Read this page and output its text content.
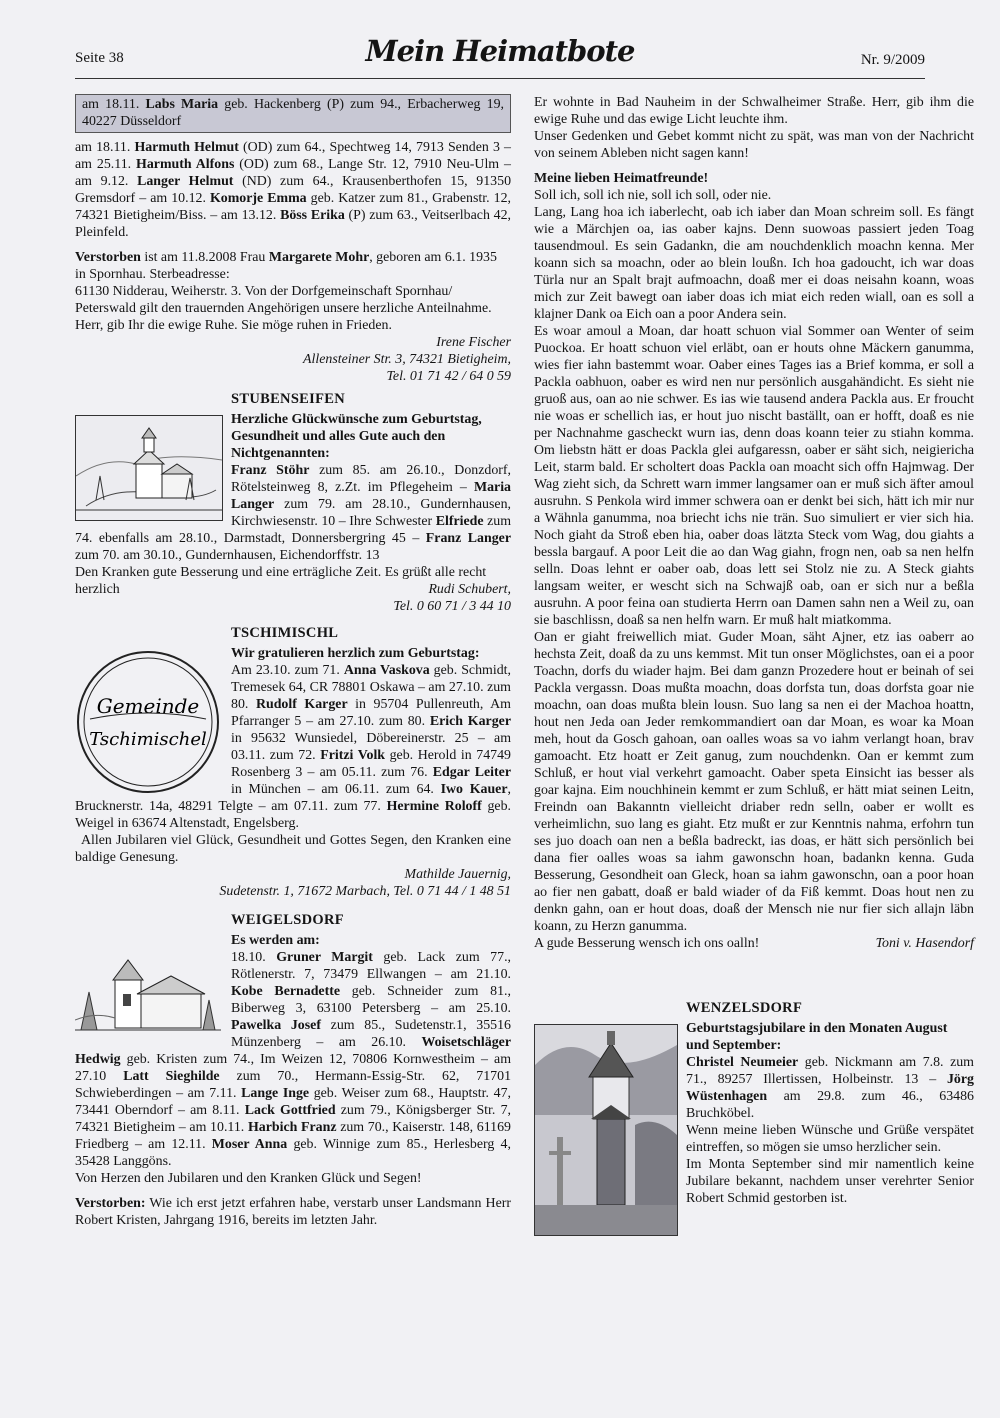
Seite 38	Mein Heimatbote	Nr. 9/2009
am 18.11. Labs Maria geb. Hackenberg (P) zum 94., Erbacherweg 19, 40227 Düsseldorf

am 18.11. Harmuth Helmut (OD) zum 64., Spechtweg 14, 7913 Senden 3 – am 25.11. Harmuth Alfons (OD) zum 68., Lange Str. 12, 7910 Neu-Ulm – am 9.12. Langer Helmut (ND) zum 64., Krausenberthofen 15, 91350 Gremsdorf – am 10.12. Komorje Emma geb. Katzer zum 81., Grabenstr. 12, 74321 Bietigheim/Biss. – am 13.12. Böss Erika (P) zum 63., Veitserlbach 42, Pleinfeld.

Verstorben ist am 11.8.2008 Frau Margarete Mohr, geboren am 6.1. 1935 in Spornhau. Sterbeadresse:

61130 Nidderau, Weiherstr. 3. Von der Dorfgemeinschaft Spornhau/ Peterswald gilt den trauernden Angehörigen unsere herzliche Anteilnahme.

Herr, gib Ihr die ewige Ruhe. Sie möge ruhen in Frieden.

Irene Fischer

Allensteiner Str. 3, 74321 Bietigheim,

Tel. 01 71 42 / 64 0 59

STUBENSEIFEN

Herzliche Glückwünsche zum Geburtstag, Gesundheit und alles Gute auch den Nichtgenannten:

Franz Stöhr zum 85. am 26.10., Donzdorf, Rötelsteinweg 8, z.Zt. im Pflegeheim – Maria Langer zum 79. am 28.10., Gundernhausen, Kirchwiesenstr. 10 – Ihre Schwester Elfriede zum 74. ebenfalls am 28.10., Darmstadt, Donnersbergring 45 – Franz Langer zum 70. am 30.10., Gundernhausen, Eichendorffstr. 13

Den Kranken gute Besserung und eine erträgliche Zeit. Es grüßt alle recht herzlich	Rudi Schubert,

Tel. 0 60 71 / 3 44 10

TSCHIMISCHL
Gemeinde
Tschimischel

Wir gratulieren herzlich zum Geburtstag:

Am 23.10. zum 71. Anna Vaskova geb. Schmidt, Tremesek 64, CR 78801 Oskawa – am 27.10. zum 80. Rudolf Karger in 95704 Pullenreuth, Am Pfarranger 5 – am 27.10. zum 80. Erich Karger in 95632 Wunsiedel, Döbereinerstr. 25 – am 03.11. zum 72. Fritzi Volk geb. Herold in 74749 Rosenberg 3 – am 05.11. zum 76. Edgar Leiter in München – am 06.11. zum 64. Iwo Kauer, Brucknerstr. 14a, 48291 Telgte – am 07.11. zum 77. Hermine Roloff geb. Weigel in 63674 Altenstadt, Engelsberg.

Allen Jubilaren viel Glück, Gesundheit und Gottes Segen, den Kranken eine baldige Genesung.

Mathilde Jauernig,

Sudetenstr. 1, 71672 Marbach, Tel. 0 71 44 / 1 48 51

WEIGELSDORF

Es werden am:

18.10. Gruner Margit geb. Lack zum 77., Rötlenerstr. 7, 73479 Ellwangen – am 21.10. Kobe Bernadette geb. Schneider zum 81., Biberweg 3, 63100 Petersberg – am 25.10. Pawelka Josef zum 85., Sudetenstr.1, 35516 Münzenberg – am 26.10. Woisetschläger Hedwig geb. Kristen zum 74., Im Weizen 12, 70806 Kornwestheim – am 27.10 Latt Sieghilde zum 70., Hermann-Essig-Str. 62, 71701 Schwieberdingen – am 7.11. Lange Inge geb. Weiser zum 68., Hauptstr. 47, 73441 Oberndorf – am 8.11. Lack Gottfried zum 79., Königsberger Str. 7, 74321 Bietigheim – am 10.11. Harbich Franz zum 70., Kaiserstr. 148, 61169 Friedberg – am 12.11. Moser Anna geb. Winnige zum 85., Herlesberg 4, 35428 Langgöns.

Von Herzen den Jubilaren und den Kranken Glück und Segen!

Verstorben: Wie ich erst jetzt erfahren habe, verstarb unser Landsmann Herr Robert Kristen, Jahrgang 1916, bereits im letzten Jahr.

Er wohnte in Bad Nauheim in der Schwalheimer Straße. Herr, gib ihm die ewige Ruhe und das ewige Licht leuchte ihm.

Unser Gedenken und Gebet kommt nicht zu spät, was man von der Nachricht von seinem Ableben nicht sagen kann!

Meine lieben Heimatfreunde!

Soll ich, soll ich nie, soll ich soll, oder nie.

Lang, Lang hoa ich iaberlecht, oab ich iaber dan Moan schreim soll. Es fängt wie a Märchjen oa, ias oaber kajns. Denn suowoas passiert jeden Toag tausendmoul. Es sein Gadankn, die am nouchdenklich moachn kenna. Mer koann sich sa moachn, oder ao blein loußn. Ich hoa gadoucht, ich war doas Türla nur an Spalt brajt aufmoachn, doaß mer ei doas neisahn koann, woas mich zur Zeit bawegt oan iaber doas ich miat eich reden wiall, oan es soll a klajner Dank oa Eich oan a poor Andera sein.

Es woar amoul a Moan, dar hoatt schuon vial Sommer oan Wenter of seim Puockoa. Er hoatt schuon viel erläbt, oan er houts ohne Mäckern ganumma, wies fier iahn bastemmt woar. Oaber eines Tages ias a Brief komma, er soll a Packla oabhuon, oaber es wird nen nur persönlich ausgahändicht. Es sieht nie gruoß aus, oan ao nie schwer. Es ias wie tausend andera Packla aus. Er froucht nie woas er schellich ias, er hout juo nischt baställt, oan er hofft, doaß es nie per Nachnahme gascheckt wurn ias, denn doas koann teier zu stiahn komma. Om liebstn hätt er doas Packla glei aufgaressn, oaber er säht sich, neigiericha Leit, starm bald. Er scholtert doas Packla oan moacht sich offn Hajmwag. Der Wag zieht sich, da Schrett warn immer langsamer oan er muß sich äfter amoul ausruhn. S Penkola wird immer schwera oan er denkt bei sich, hätt ich mir nur a Wähnla ganumma, noa briecht ichs nie trän. Suo simuliert er vier sich hia. Noch giaht da Stroß eben hia, oaber doas lätzta Steck vom Wag, dou giahts a bessla bargauf. A poor Leit die ao dan Wag giahn, frogn nen, oab sa nen helfn selln. Doas lehnt er oaber oab, doas lett sei Stolz nie zu. A Steck giahts langsam weiter, er wescht sich na Schwajß oab, oan er sich nur a beßla ausruhn. A poor feina oan studierta Herrn oan Damen sahn nen a Weil zu, oan sie baschlissn, doaß sa nen helfn warn. Er muß halt miatkomma.

Oan er giaht freiwellich miat. Guder Moan, säht Ajner, etz ias oaberr ao hechsta Zeit, doaß da zu uns kemmst. Mit tun onser Möglichstes, oan ei a poor Toachn, dorfs du wiader hajm. Bei dam ganzn Prozedere hout er beinah of sei Packla vergassn. Doas mußta moachn, doas dorfsta tun, doas dorfsta goar nie moachn, oan doas mußta blein lousn. Suo lang sa nen ei der Machoa hoattn, hout nen Jeda oan Jeder remkommandiert oan dar Moan, es woar ka Moan meh, hout da Gosch gahoan, oan oalles woas sa vo iahm verlangt hoan, brav gamoacht. Etz hoatt er Zeit ganug, zum nouchdenkn. Oan er kemmt zum Schluß, er hout vial verkehrt gamoacht. Oaber speta Einsicht ias besser als goar kajna. Eim nouchhinein kemmt er zum Schluß, er hätt miat seinen Leitn, Freindn oan Bakanntn vielleicht driaber redn selln, oaber er wollt es verheimlichn, suo lang es giaht. Etz mußt er zur Kenntnis nahma, erfohrn tun ses juo doach oan nen a beßla badreckt, ias doas, er hätt sich persönlich bei dana fier oalles woas sa iahm gawonschn hoan, badankn kenna. Guda Besserung, Gesondheit oan Gleck, hoan sa iahm gawonschn, oan a poor hoan ao fier nen gabatt, doaß er bald wiader of da Fiß kemmt. Doas hout nen zu denkn gahn, oan er hout doas, doaß der Mensch nie nur fier sich allajn läbn koann, zu Herzn ganumma.

A gude Besserung wensch ich ons oalln!	Toni v. Hasendorf

WENZELSDORF

Geburtstagsjubilare in den Monaten August und September:

Christel Neumeier geb. Nickmann am 7.8. zum 71., 89257 Illertissen, Holbeinstr. 13 – Jörg Wüstenhagen am 29.8. zum 46., 63486 Bruchköbel.

Wenn meine lieben Wünsche und Grüße verspätet eintreffen, so mögen sie umso herzlicher sein.

Im Monta September sind mir namentlich keine Jubilare bekannt, nachdem unser verehrter Senior Robert Schmid gestorben ist.
